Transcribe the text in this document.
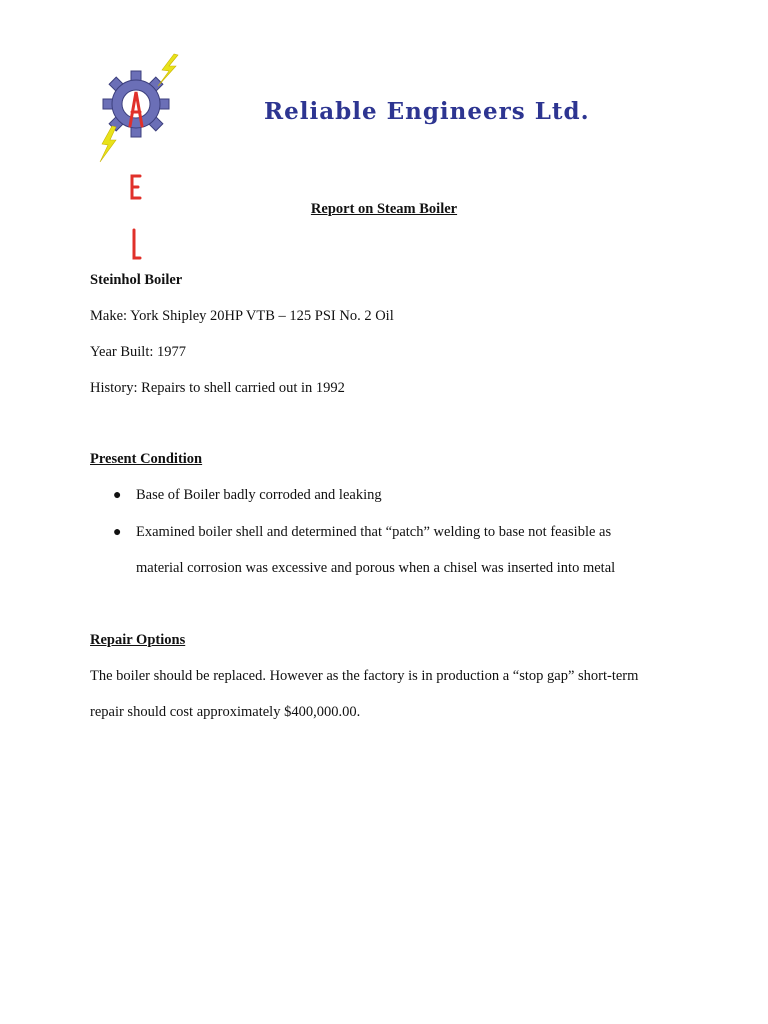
Reliable Engineers Ltd.

Report on Steam Boiler

Steinhol Boiler

Make: York Shipley 20HP VTB – 125 PSI No. 2 Oil

Year Built: 1977

History: Repairs to shell carried out in 1992

Present Condition

● Base of Boiler badly corroded and leaking

● Examined boiler shell and determined that “patch” welding to base not feasible as

material corrosion was excessive and porous when a chisel was inserted into metal

Repair Options

The boiler should be replaced. However as the factory is in production a “stop gap” short-term

repair should cost approximately $400,000.00.
